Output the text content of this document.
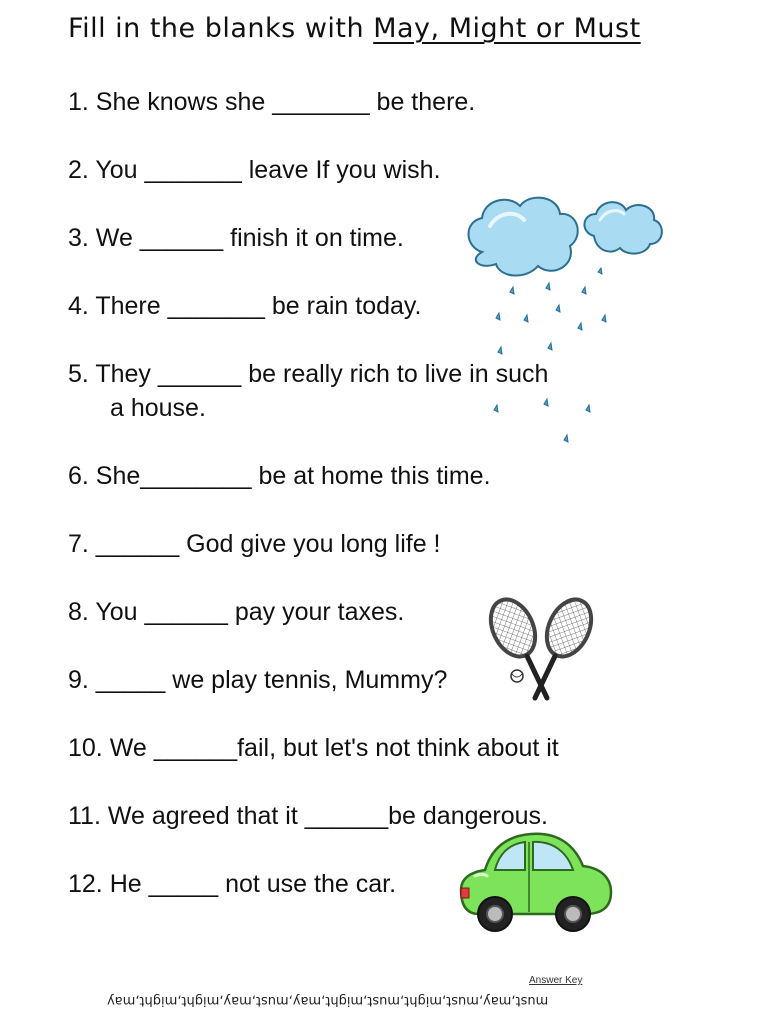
Fill in the blanks with May, Might or Must
1. She knows she _______ be there.
2. You _______ leave If you wish.
3. We ______ finish it on time.
4. There _______ be rain today.
5. They ______ be really rich to live in such
a house.
6. She________ be at home this time.
7. ______ God give you long life !
8. You ______ pay your taxes.
9. _____ we play tennis, Mummy?
10. We ______fail, but let's not think about it
11. We agreed that it ______be dangerous.
12. He _____ not use the car.
Answer Key
must,may,must,might,must,might,may,must,may,might,might,may
